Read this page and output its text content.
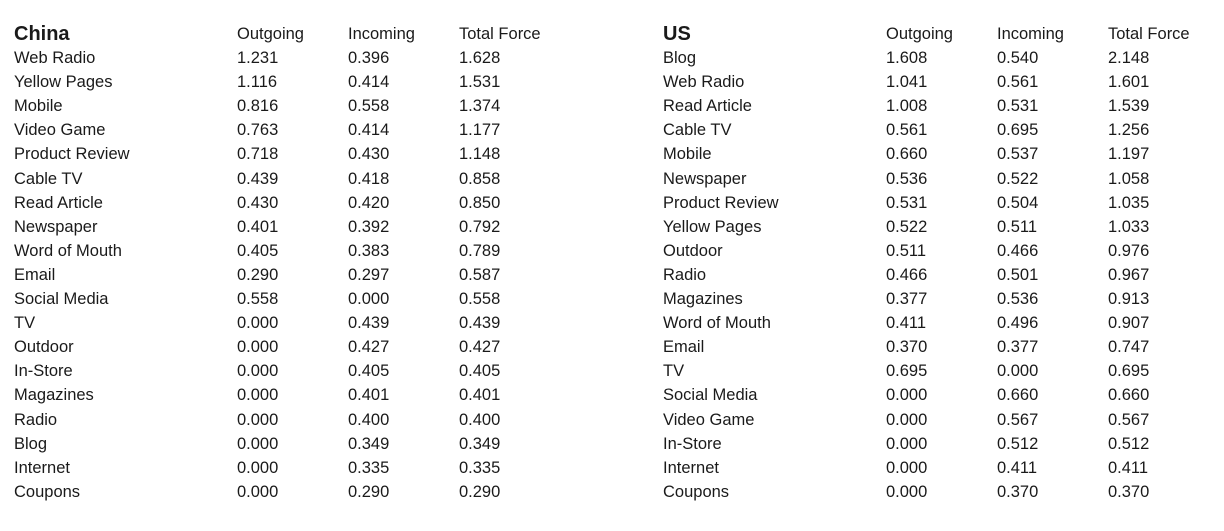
China	Outgoing	Incoming	Total Force
Web Radio	1.231	0.396	1.628
Yellow Pages	1.116	0.414	1.531
Mobile	0.816	0.558	1.374
Video Game	0.763	0.414	1.177
Product Review	0.718	0.430	1.148
Cable TV	0.439	0.418	0.858
Read Article	0.430	0.420	0.850
Newspaper	0.401	0.392	0.792
Word of Mouth	0.405	0.383	0.789
Email	0.290	0.297	0.587
Social Media	0.558	0.000	0.558
TV	0.000	0.439	0.439
Outdoor	0.000	0.427	0.427
In-Store	0.000	0.405	0.405
Magazines	0.000	0.401	0.401
Radio	0.000	0.400	0.400
Blog	0.000	0.349	0.349
Internet	0.000	0.335	0.335
Coupons	0.000	0.290	0.290
US	Outgoing	Incoming	Total Force
Blog	1.608	0.540	2.148
Web Radio	1.041	0.561	1.601
Read Article	1.008	0.531	1.539
Cable TV	0.561	0.695	1.256
Mobile	0.660	0.537	1.197
Newspaper	0.536	0.522	1.058
Product Review	0.531	0.504	1.035
Yellow Pages	0.522	0.511	1.033
Outdoor	0.511	0.466	0.976
Radio	0.466	0.501	0.967
Magazines	0.377	0.536	0.913
Word of Mouth	0.411	0.496	0.907
Email	0.370	0.377	0.747
TV	0.695	0.000	0.695
Social Media	0.000	0.660	0.660
Video Game	0.000	0.567	0.567
In-Store	0.000	0.512	0.512
Internet	0.000	0.411	0.411
Coupons	0.000	0.370	0.370
